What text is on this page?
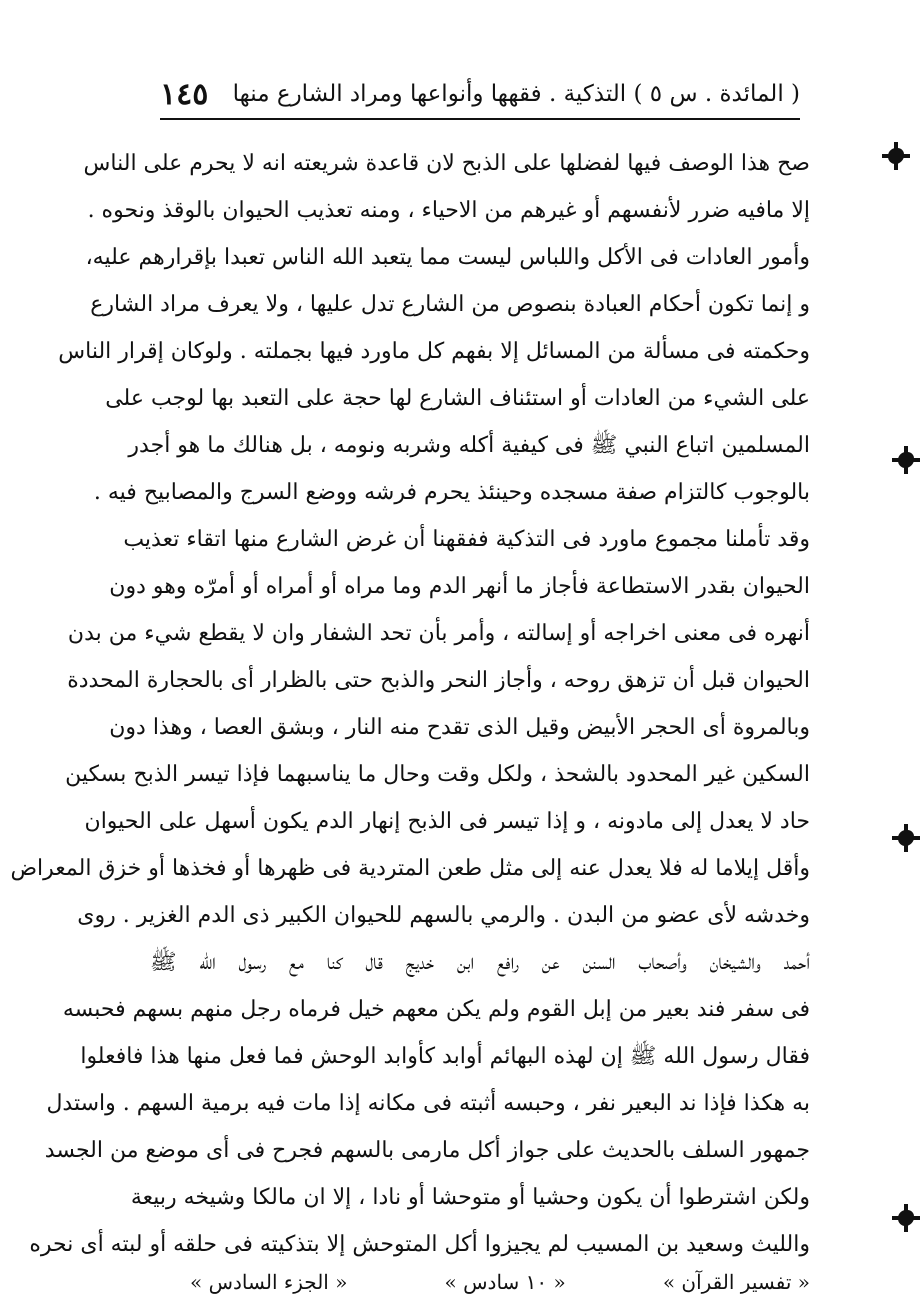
( المائدة . س ٥ ) التذكية . فقهها وأنواعها ومراد الشارع منها
١٤٥
صح هذا الوصف فيها لفضلها على الذبح لان قاعدة شريعته انه لا يحرم على الناس
إلا مافيه ضرر لأنفسهم أو غيرهم من الاحياء ، ومنه تعذيب الحيوان بالوقذ ونحوه .
وأمور العادات فى الأكل واللباس ليست مما يتعبد الله الناس تعبدا بإقرارهم عليه،
و إنما تكون أحكام العبادة بنصوص من الشارع تدل عليها ، ولا يعرف مراد الشارع
وحكمته فى مسألة من المسائل إلا بفهم كل ماورد فيها بجملته . ولوكان إقرار الناس
على الشيء من العادات أو استئناف الشارع لها حجة على التعبد بها لوجب على
المسلمين اتباع النبي ﷺ فى كيفية أكله وشربه ونومه ، بل هنالك ما هو أجدر
بالوجوب كالتزام صفة مسجده وحينئذ يحرم فرشه ووضع السرج والمصابيح فيه .
وقد تأملنا مجموع ماورد فى التذكية ففقهنا أن غرض الشارع منها اتقاء تعذيب
الحيوان بقدر الاستطاعة فأجاز ما أنهر الدم وما مراه أو أمراه أو أمرّه وهو دون
أنهره فى معنى اخراجه أو إسالته ، وأمر بأن تحد الشفار وان لا يقطع شيء من بدن
الحيوان قبل أن تزهق روحه ، وأجاز النحر والذبح حتى بالظرار أى بالحجارة المحددة
وبالمروة أى الحجر الأبيض وقيل الذى تقدح منه النار ، وبشق العصا ، وهذا دون
السكين غير المحدود بالشحذ ، ولكل وقت وحال ما يناسبهما فإذا تيسر الذبح بسكين
حاد لا يعدل إلى مادونه ، و إذا تيسر فى الذبح إنهار الدم يكون أسهل على الحيوان
وأقل إيلاما له فلا يعدل عنه إلى مثل طعن المتردية فى ظهرها أو فخذها أو خزق المعراض
وخدشه لأى عضو من البدن . والرمي بالسهم للحيوان الكبير ذى الدم الغزير . روى
أحمد والشيخان وأصحاب السنن عن رافع ابن خديج قال كنا مع رسول الله ﷺ
فى سفر فند بعير من إبل القوم ولم يكن معهم خيل فرماه رجل منهم بسهم فحبسه
فقال رسول الله ﷺ إن لهذه البهائم أوابد كأوابد الوحش فما فعل منها هذا فافعلوا
به هكذا فإذا ند البعير نفر ، وحبسه أثبته فى مكانه إذا مات فيه برمية السهم . واستدل
جمهور السلف بالحديث على جواز أكل مارمى بالسهم فجرح فى أى موضع من الجسد
ولكن اشترطوا أن يكون وحشيا أو متوحشا أو نادا ، إلا ان مالكا وشيخه ربيعة
والليث وسعيد بن المسيب لم يجيزوا أكل المتوحش إلا بتذكيته فى حلقه أو لبته أى نحره
« تفسير القرآن »
« ١٠ سادس »
« الجزء السادس »
